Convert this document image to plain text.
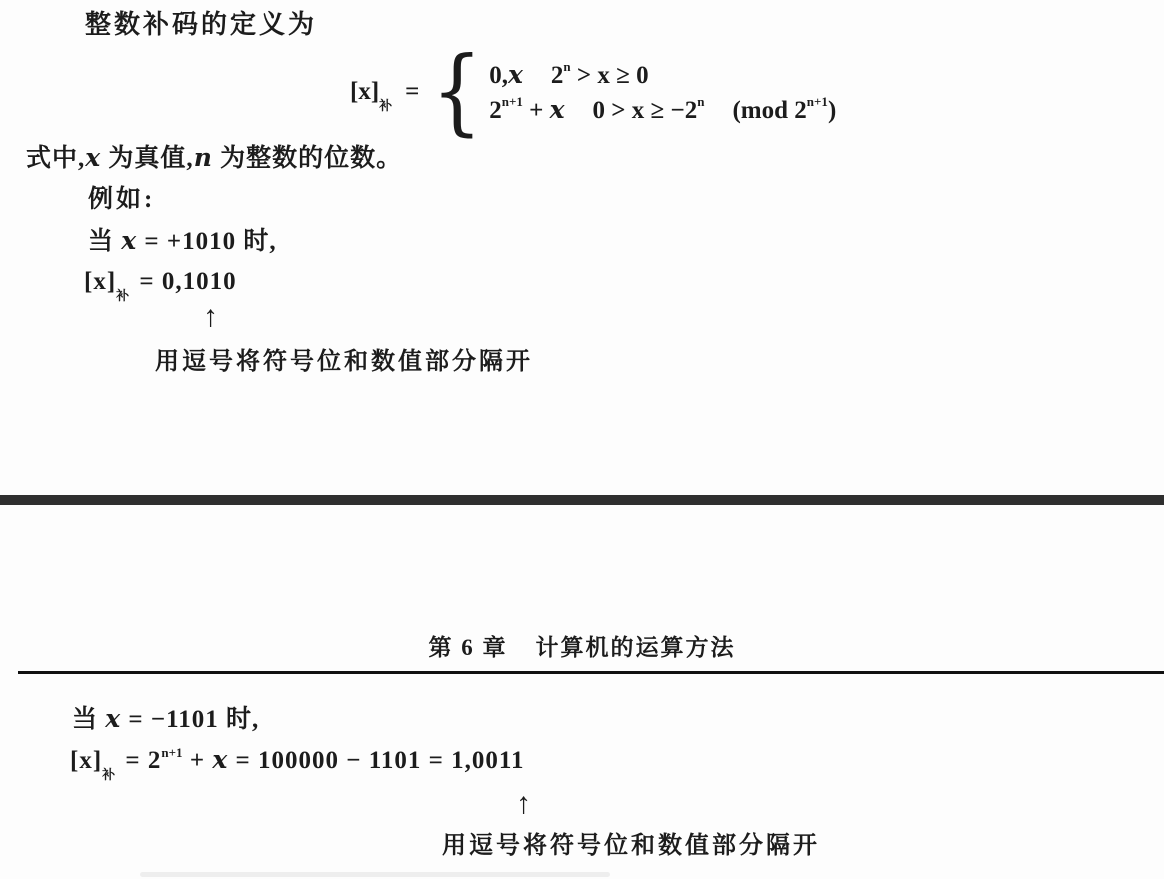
整数补码的定义为
$[x]_补=$ { 0,x $2^n > x \ge 0$
$2^{n+1} + x$ $0 > x \ge -2^n$ (mod $2^{n+1}$)
式中,x 为真值,n 为整数的位数。
例如:
当 x = +1010 时,
$[x]_补 = 0,1010$
↑
用逗号将符号位和数值部分隔开
第 6 章 计算机的运算方法
当 x = −1101 时,
$[x]_补 = 2^{n+1} + x = 100000 - 1101 = 1,0011$
↑
用逗号将符号位和数值部分隔开
